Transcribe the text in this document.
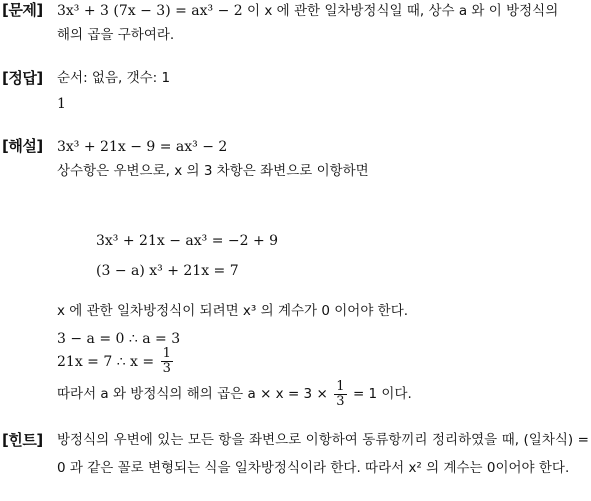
[문제] 3x³ + 3 (7x − 3) = ax³ − 2 이 x 에 관한 일차방정식일 때, 상수 a 와 이 방정식의
해의 곱을 구하여라.
[정답] 순서: 없음, 갯수: 1
1
[해설] 3x³ + 21x − 9 = ax³ − 2
상수항은 우변으로, x 의 3 차항은 좌변으로 이항하면
3x³ + 21x − ax³ = −2 + 9
(3 − a) x³ + 21x = 7
x 에 관한 일차방정식이 되려면 x³ 의 계수가 0 이어야 한다.
3 − a = 0 ∴ a = 3
21x = 7 ∴ $x = \frac{1}{3}$
따라서 a 와 방정식의 해의 곱은 $a \times x = 3 \times \frac{1}{3} = 1$ 이다.
[힌트] 방정식의 우변에 있는 모든 항을 좌변으로 이항하여 동류항끼리 정리하였을 때, (일차식) = 0 과 같은 꼴로 변형되는 식을 일차방정식이라 한다. 따라서 x² 의 계수는 0이어야 한다.
